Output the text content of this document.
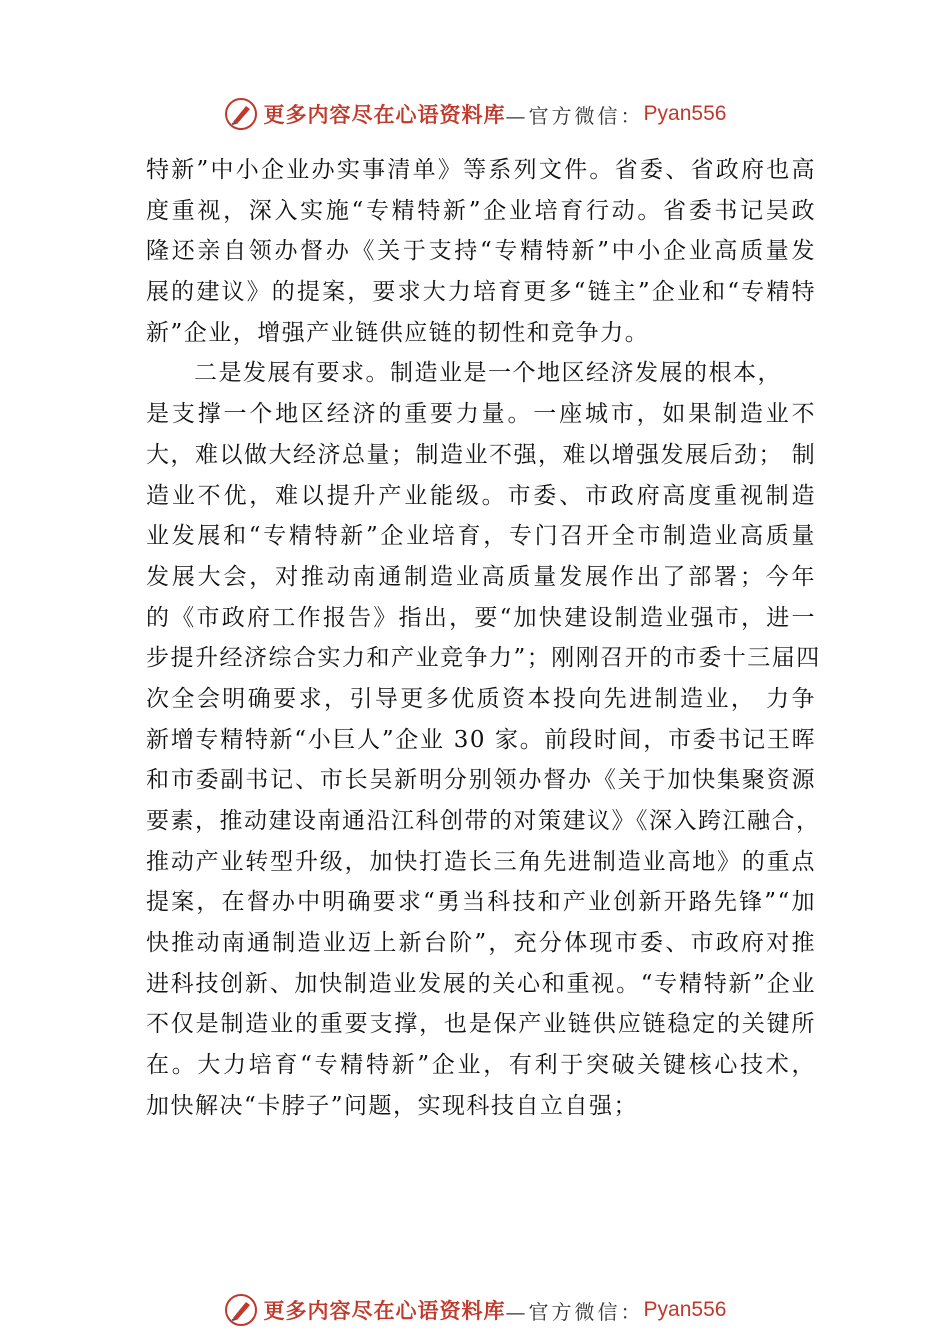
更多内容尽在心语资料库 —官方微信： Pyan556
特新”中小企业办实事清单》等系列文件。省委、省政府也高
度重视，深入实施“专精特新”企业培育行动。省委书记吴政
隆还亲自领办督办《关于支持“专精特新”中小企业高质量发
展的建议》的提案，要求大力培育更多“链主”企业和“专精特
新”企业，增强产业链供应链的韧性和竞争力。
二是发展有要求。制造业是一个地区经济发展的根本，
是支撑一个地区经济的重要力量。一座城市，如果制造业不
大，难以做大经济总量；制造业不强，难以增强发展后劲； 制
造业不优，难以提升产业能级。市委、市政府高度重视制造
业发展和“专精特新”企业培育，专门召开全市制造业高质量
发展大会，对推动南通制造业高质量发展作出了部署；今年
的《市政府工作报告》指出，要“加快建设制造业强市，进一
步提升经济综合实力和产业竞争力”；刚刚召开的市委十三届四
次全会明确要求，引导更多优质资本投向先进制造业， 力争
新增专精特新“小巨人”企业 30 家。前段时间，市委书记王晖
和市委副书记、市长吴新明分别领办督办《关于加快集聚资源
要素，推动建设南通沿江科创带的对策建议》《深入跨江融合，
推动产业转型升级，加快打造长三角先进制造业高地》的重点
提案，在督办中明确要求“勇当科技和产业创新开路先锋”“加
快推动南通制造业迈上新台阶”，充分体现市委、市政府对推
进科技创新、加快制造业发展的关心和重视。“专精特新”企业
不仅是制造业的重要支撑，也是保产业链供应链稳定的关键所
在。大力培育“专精特新”企业，有利于突破关键核心技术，
加快解决“卡脖子”问题，实现科技自立自强；
更多内容尽在心语资料库 —官方微信： Pyan556
